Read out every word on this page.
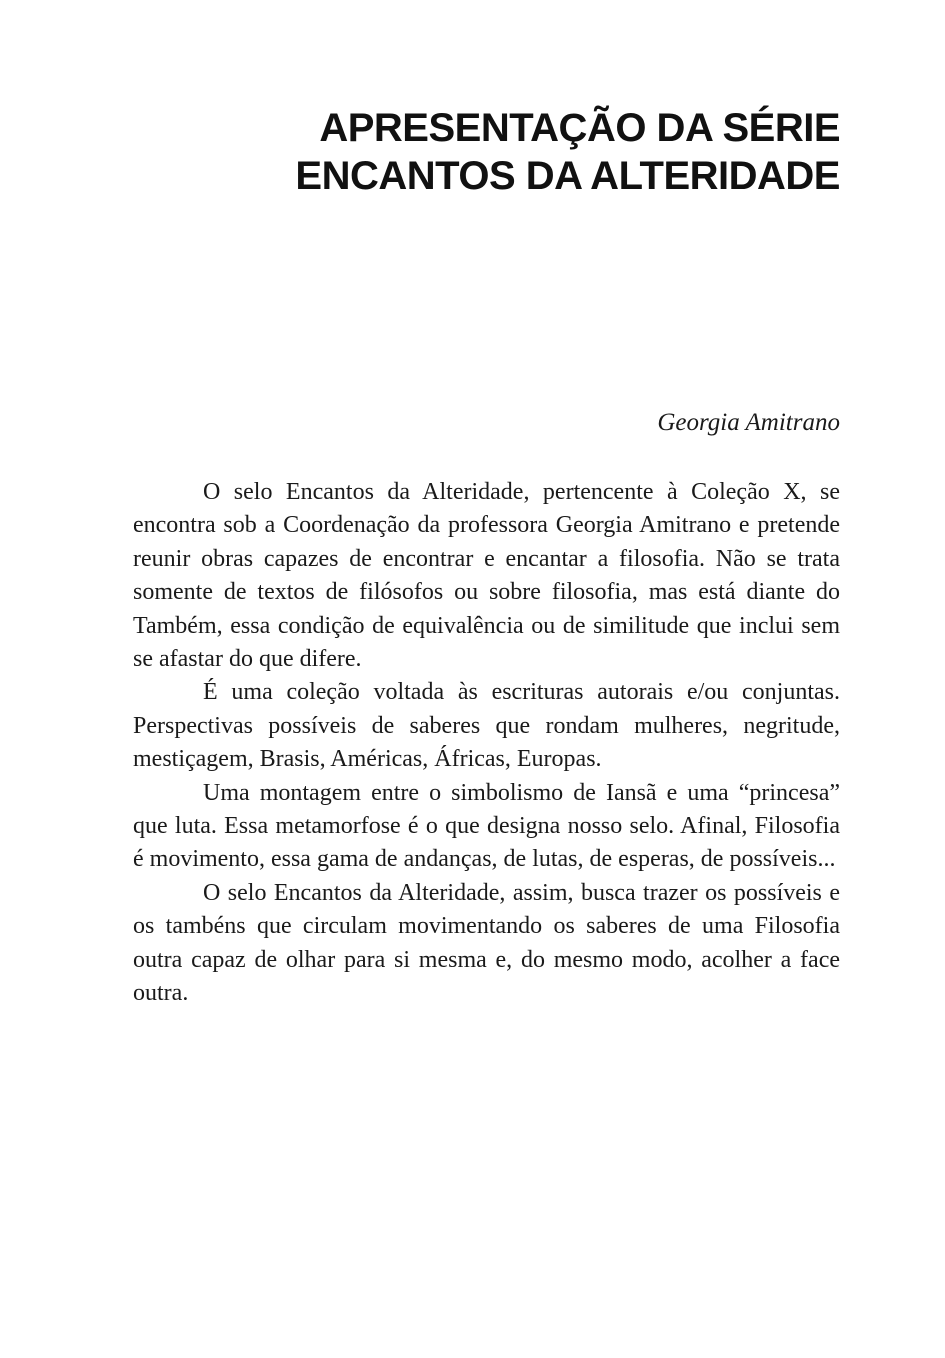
APRESENTAÇÃO DA SÉRIE
ENCANTOS DA ALTERIDADE
Georgia Amitrano

O selo Encantos da Alteridade, pertencente à Coleção X, se encontra sob a Coordenação da professora Georgia Amitrano e pretende reunir obras capazes de encontrar e encantar a filosofia. Não se trata somente de textos de filósofos ou sobre filosofia, mas está diante do Também, essa condição de equivalência ou de similitude que inclui sem se afastar do que difere.

É uma coleção voltada às escrituras autorais e/ou conjuntas. Perspectivas possíveis de saberes que rondam mulheres, negritude, mestiçagem, Brasis, Américas, Áfricas, Europas.

Uma montagem entre o simbolismo de Iansã e uma “princesa” que luta. Essa metamorfose é o que designa nosso selo. Afinal, Filosofia é movimento, essa gama de andanças, de lutas, de esperas, de possíveis...

O selo Encantos da Alteridade, assim, busca trazer os possíveis e os tambéns que circulam movimentando os saberes de uma Filosofia outra capaz de olhar para si mesma e, do mesmo modo, acolher a face outra.
